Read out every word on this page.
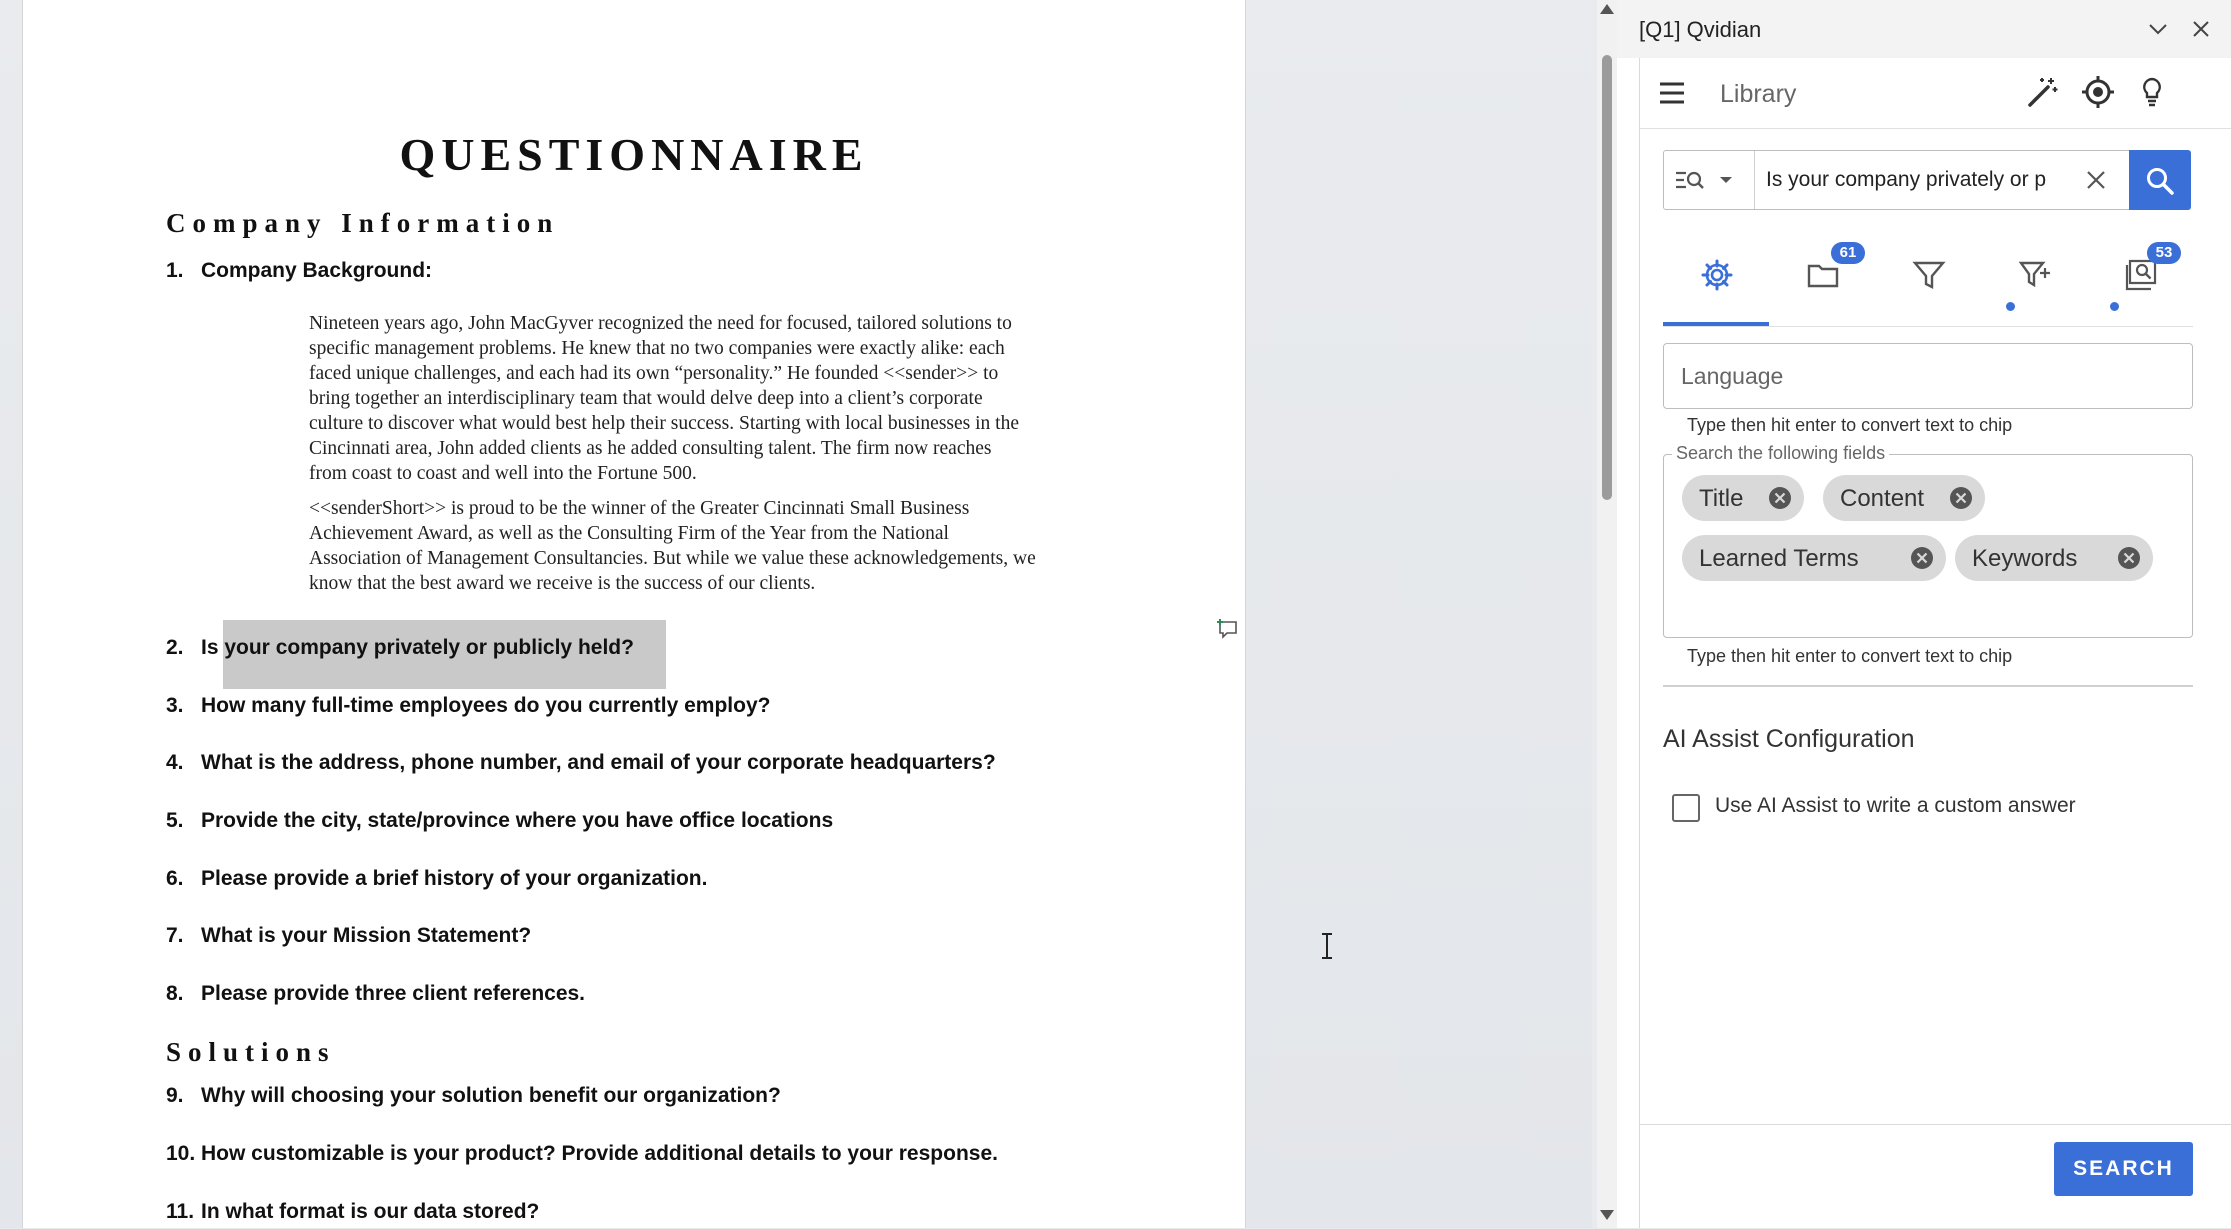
QUESTIONNAIRE
Company Information
1. Company Background:
Nineteen years ago, John MacGyver recognized the need for focused, tailored solutions to
specific management problems. He knew that no two companies were exactly alike: each
faced unique challenges, and each had its own “personality.” He founded <<sender>> to
bring together an interdisciplinary team that would delve deep into a client’s corporate
culture to discover what would best help their success. Starting with local businesses in the
Cincinnati area, John added clients as he added consulting talent. The firm now reaches
from coast to coast and well into the Fortune 500.
<<senderShort>> is proud to be the winner of the Greater Cincinnati Small Business
Achievement Award, as well as the Consulting Firm of the Year from the National
Association of Management Consultancies. But while we value these acknowledgements, we
know that the best award we receive is the success of our clients.
2. Is your company privately or publicly held?
3. How many full-time employees do you currently employ?
4. What is the address, phone number, and email of your corporate headquarters?
5. Provide the city, state/province where you have office locations
6. Please provide a brief history of your organization.
7. What is your Mission Statement?
8. Please provide three client references.
Solutions
9. Why will choosing your solution benefit our organization?
10. How customizable is your product? Provide additional details to your response.
11. In what format is our data stored?
[Q1] Qvidian
Library
Is your company privately or p
61	53
Language
Type then hit enter to convert text to chip
Search the following fields
Title	Content
Learned Terms	Keywords
Type then hit enter to convert text to chip
AI Assist Configuration
Use AI Assist to write a custom answer
SEARCH
